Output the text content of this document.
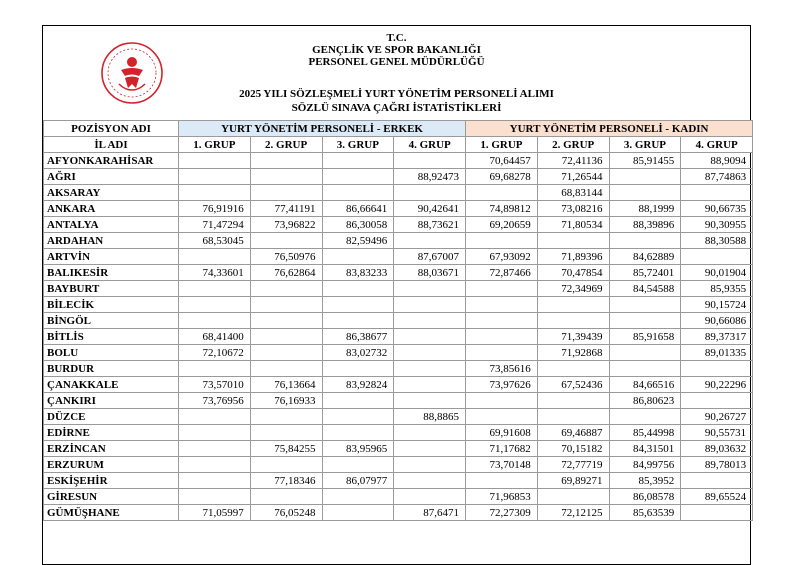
T.C.
GENÇLİK VE SPOR BAKANLIĞI
PERSONEL GENEL MÜDÜRLÜĞÜ
2025 YILI SÖZLEŞMELİ YURT YÖNETİM PERSONELİ ALIMI
SÖZLÜ SINAVA ÇAĞRI İSTATİSTİKLERİ
POZİSYON ADI	YURT YÖNETİM PERSONELİ - ERKEK				YURT YÖNETİM PERSONELİ - KADIN			
İL ADI	1. GRUP	2. GRUP	3. GRUP	4. GRUP	1. GRUP	2. GRUP	3. GRUP	4. GRUP
AFYONKARAHİSAR					70,64457	72,41136	85,91455	88,9094
AĞRI				88,92473	69,68278	71,26544		87,74863
AKSARAY						68,83144		
ANKARA	76,91916	77,41191	86,66641	90,42641	74,89812	73,08216	88,1999	90,66735
ANTALYA	71,47294	73,96822	86,30058	88,73621	69,20659	71,80534	88,39896	90,30955
ARDAHAN	68,53045		82,59496					88,30588
ARTVİN		76,50976		87,67007	67,93092	71,89396	84,62889	
BALIKESİR	74,33601	76,62864	83,83233	88,03671	72,87466	70,47854	85,72401	90,01904
BAYBURT						72,34969	84,54588	85,9355
BİLECİK								90,15724
BİNGÖL								90,66086
BİTLİS	68,41400		86,38677			71,39439	85,91658	89,37317
BOLU	72,10672		83,02732			71,92868		89,01335
BURDUR					73,85616			
ÇANAKKALE	73,57010	76,13664	83,92824		73,97626	67,52436	84,66516	90,22296
ÇANKIRI	73,76956	76,16933					86,80623	
DÜZCE				88,8865				90,26727
EDİRNE					69,91608	69,46887	85,44998	90,55731
ERZİNCAN		75,84255	83,95965		71,17682	70,15182	84,31501	89,03632
ERZURUM					73,70148	72,77719	84,99756	89,78013
ESKİŞEHİR		77,18346	86,07977			69,89271	85,3952	
GİRESUN					71,96853		86,08578	89,65524
GÜMÜŞHANE	71,05997	76,05248		87,6471	72,27309	72,12125	85,63539	
